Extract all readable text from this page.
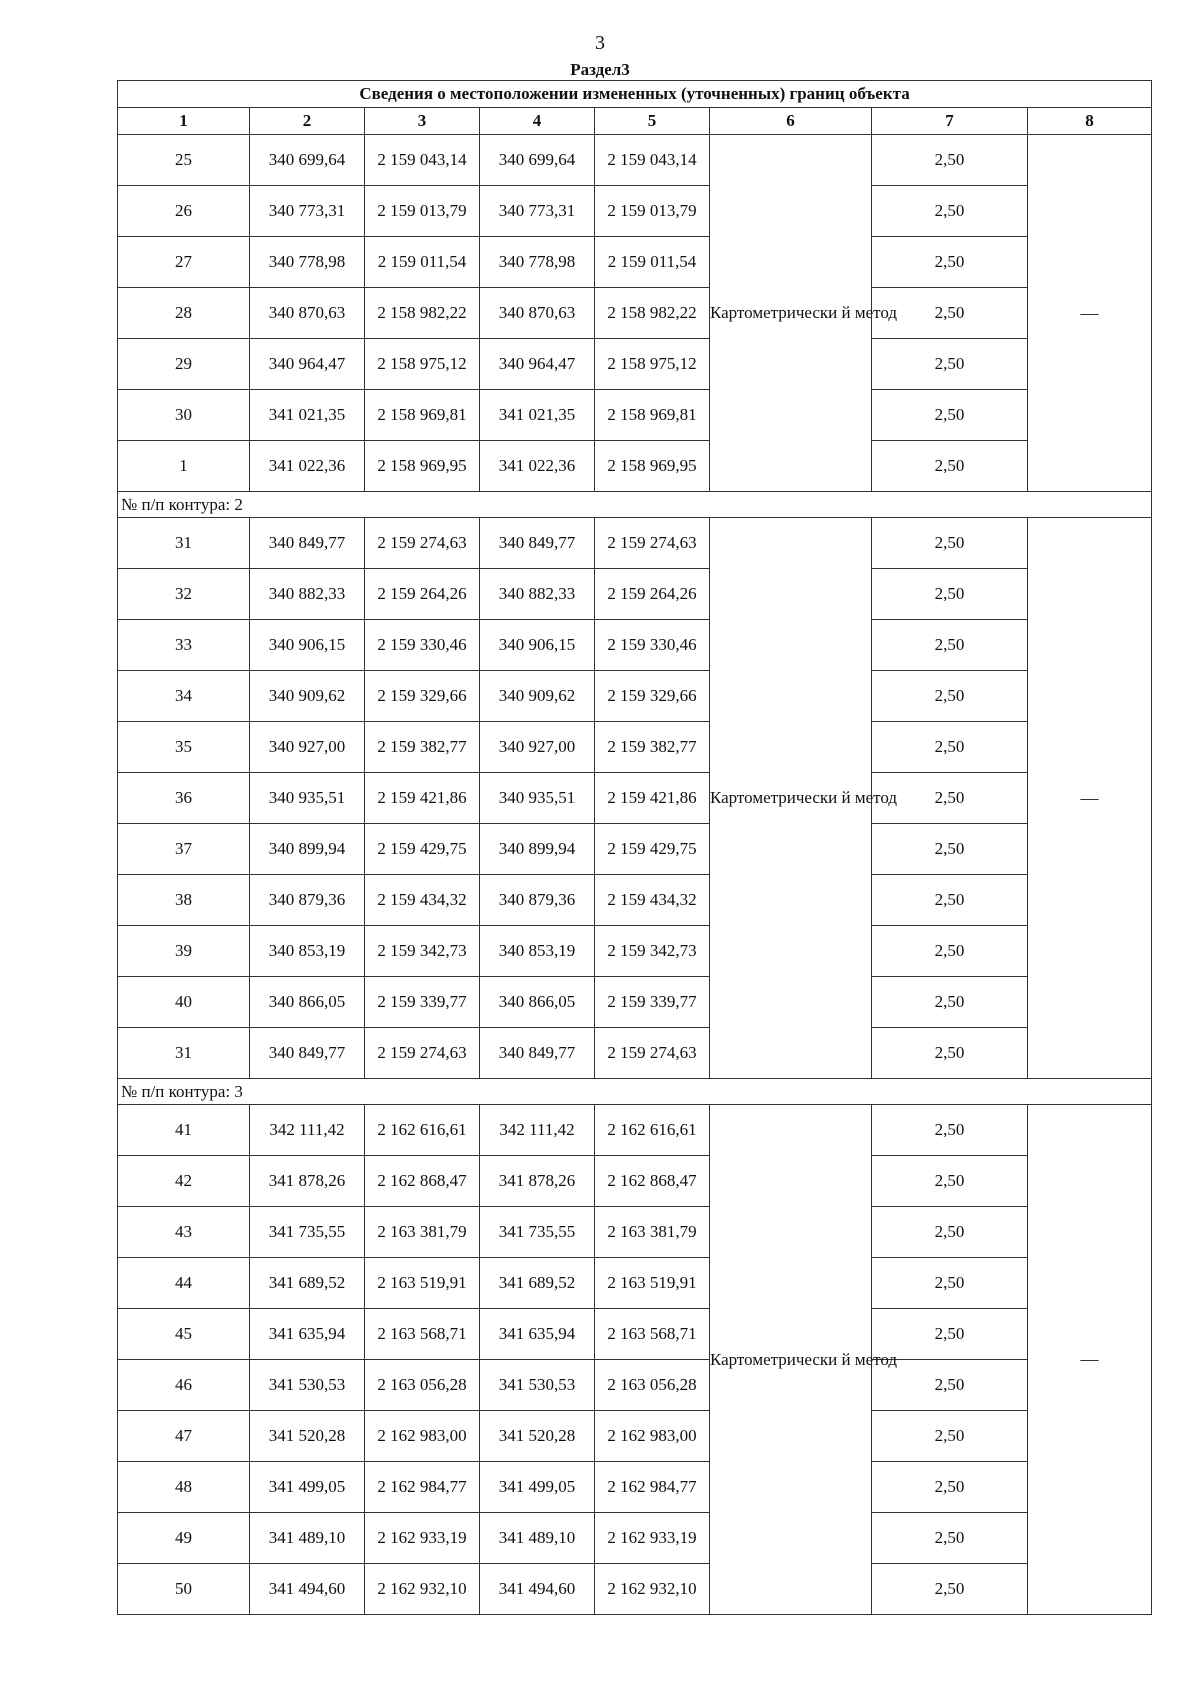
3
Раздел3
Сведения о местоположении измененных (уточненных) границ объекта							
1	2	3	4	5	6	7	8
25	340 699,64	2 159 043,14	340 699,64	2 159 043,14	Картометрически й метод	2,50	—
26	340 773,31	2 159 013,79	340 773,31	2 159 013,79		2,50	
27	340 778,98	2 159 011,54	340 778,98	2 159 011,54		2,50	
28	340 870,63	2 158 982,22	340 870,63	2 158 982,22		2,50	
29	340 964,47	2 158 975,12	340 964,47	2 158 975,12		2,50	
30	341 021,35	2 158 969,81	341 021,35	2 158 969,81		2,50	
1	341 022,36	2 158 969,95	341 022,36	2 158 969,95		2,50	
№ п/п контура: 2							
31	340 849,77	2 159 274,63	340 849,77	2 159 274,63	Картометрически й метод	2,50	—
32	340 882,33	2 159 264,26	340 882,33	2 159 264,26		2,50	
33	340 906,15	2 159 330,46	340 906,15	2 159 330,46		2,50	
34	340 909,62	2 159 329,66	340 909,62	2 159 329,66		2,50	
35	340 927,00	2 159 382,77	340 927,00	2 159 382,77		2,50	
36	340 935,51	2 159 421,86	340 935,51	2 159 421,86		2,50	
37	340 899,94	2 159 429,75	340 899,94	2 159 429,75		2,50	
38	340 879,36	2 159 434,32	340 879,36	2 159 434,32		2,50	
39	340 853,19	2 159 342,73	340 853,19	2 159 342,73		2,50	
40	340 866,05	2 159 339,77	340 866,05	2 159 339,77		2,50	
31	340 849,77	2 159 274,63	340 849,77	2 159 274,63		2,50	
№ п/п контура: 3							
41	342 111,42	2 162 616,61	342 111,42	2 162 616,61	Картометрически й метод	2,50	—
42	341 878,26	2 162 868,47	341 878,26	2 162 868,47		2,50	
43	341 735,55	2 163 381,79	341 735,55	2 163 381,79		2,50	
44	341 689,52	2 163 519,91	341 689,52	2 163 519,91		2,50	
45	341 635,94	2 163 568,71	341 635,94	2 163 568,71		2,50	
46	341 530,53	2 163 056,28	341 530,53	2 163 056,28		2,50	
47	341 520,28	2 162 983,00	341 520,28	2 162 983,00		2,50	
48	341 499,05	2 162 984,77	341 499,05	2 162 984,77		2,50	
49	341 489,10	2 162 933,19	341 489,10	2 162 933,19		2,50	
50	341 494,60	2 162 932,10	341 494,60	2 162 932,10		2,50	
